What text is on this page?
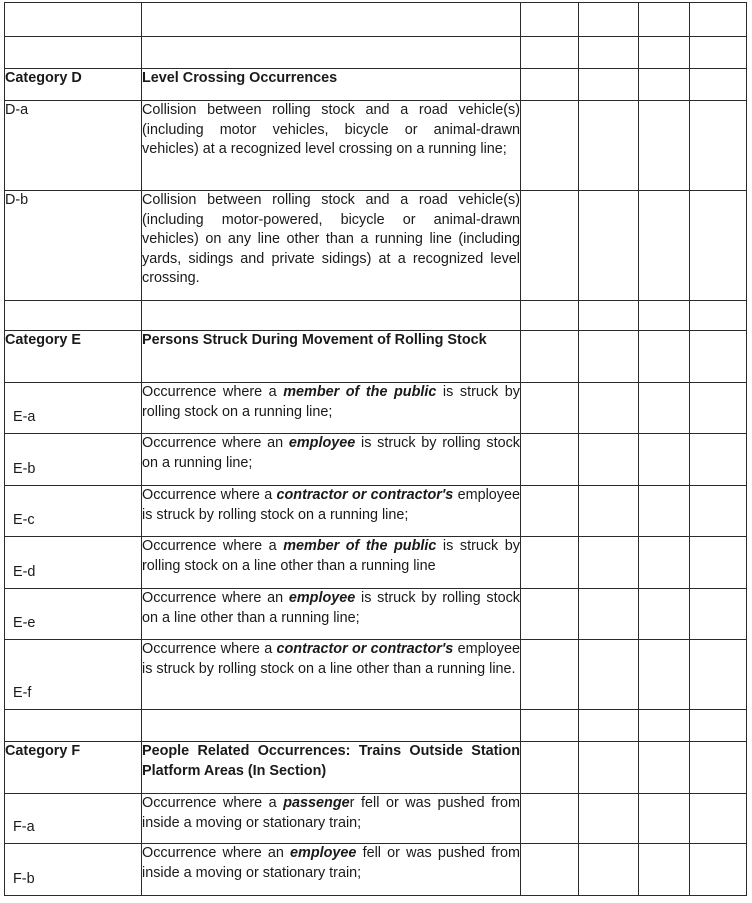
Category D	Level Crossing Occurrences				
D-a	Collision between rolling stock and a road vehicle(s) (including motor vehicles, bicycle or animal-drawn vehicles) at a recognized level crossing on a running line;				
D-b	Collision between rolling stock and a road vehicle(s) (including motor-powered, bicycle or animal-drawn vehicles) on any line other than a running line (including yards, sidings and private sidings) at a recognized level crossing.				

Category E	Persons Struck During Movement of Rolling Stock				
E-a	Occurrence where a member of the public is struck by rolling stock on a running line;				
E-b	Occurrence where an employee is struck by rolling stock on a running line;				
E-c	Occurrence where a contractor or contractor's employee is struck by rolling stock on a running line;				
E-d	Occurrence where a member of the public is struck by rolling stock on a line other than a running line				
E-e	Occurrence where an employee is struck by rolling stock on a line other than a running line;				
E-f	Occurrence where a contractor or contractor's employee is struck by rolling stock on a line other than a running line.				

Category F	People Related Occurrences: Trains Outside Station Platform Areas (In Section)				
F-a	Occurrence where a passenger fell or was pushed from inside a moving or stationary train;				
F-b	Occurrence where an employee fell or was pushed from inside a moving or stationary train;				
